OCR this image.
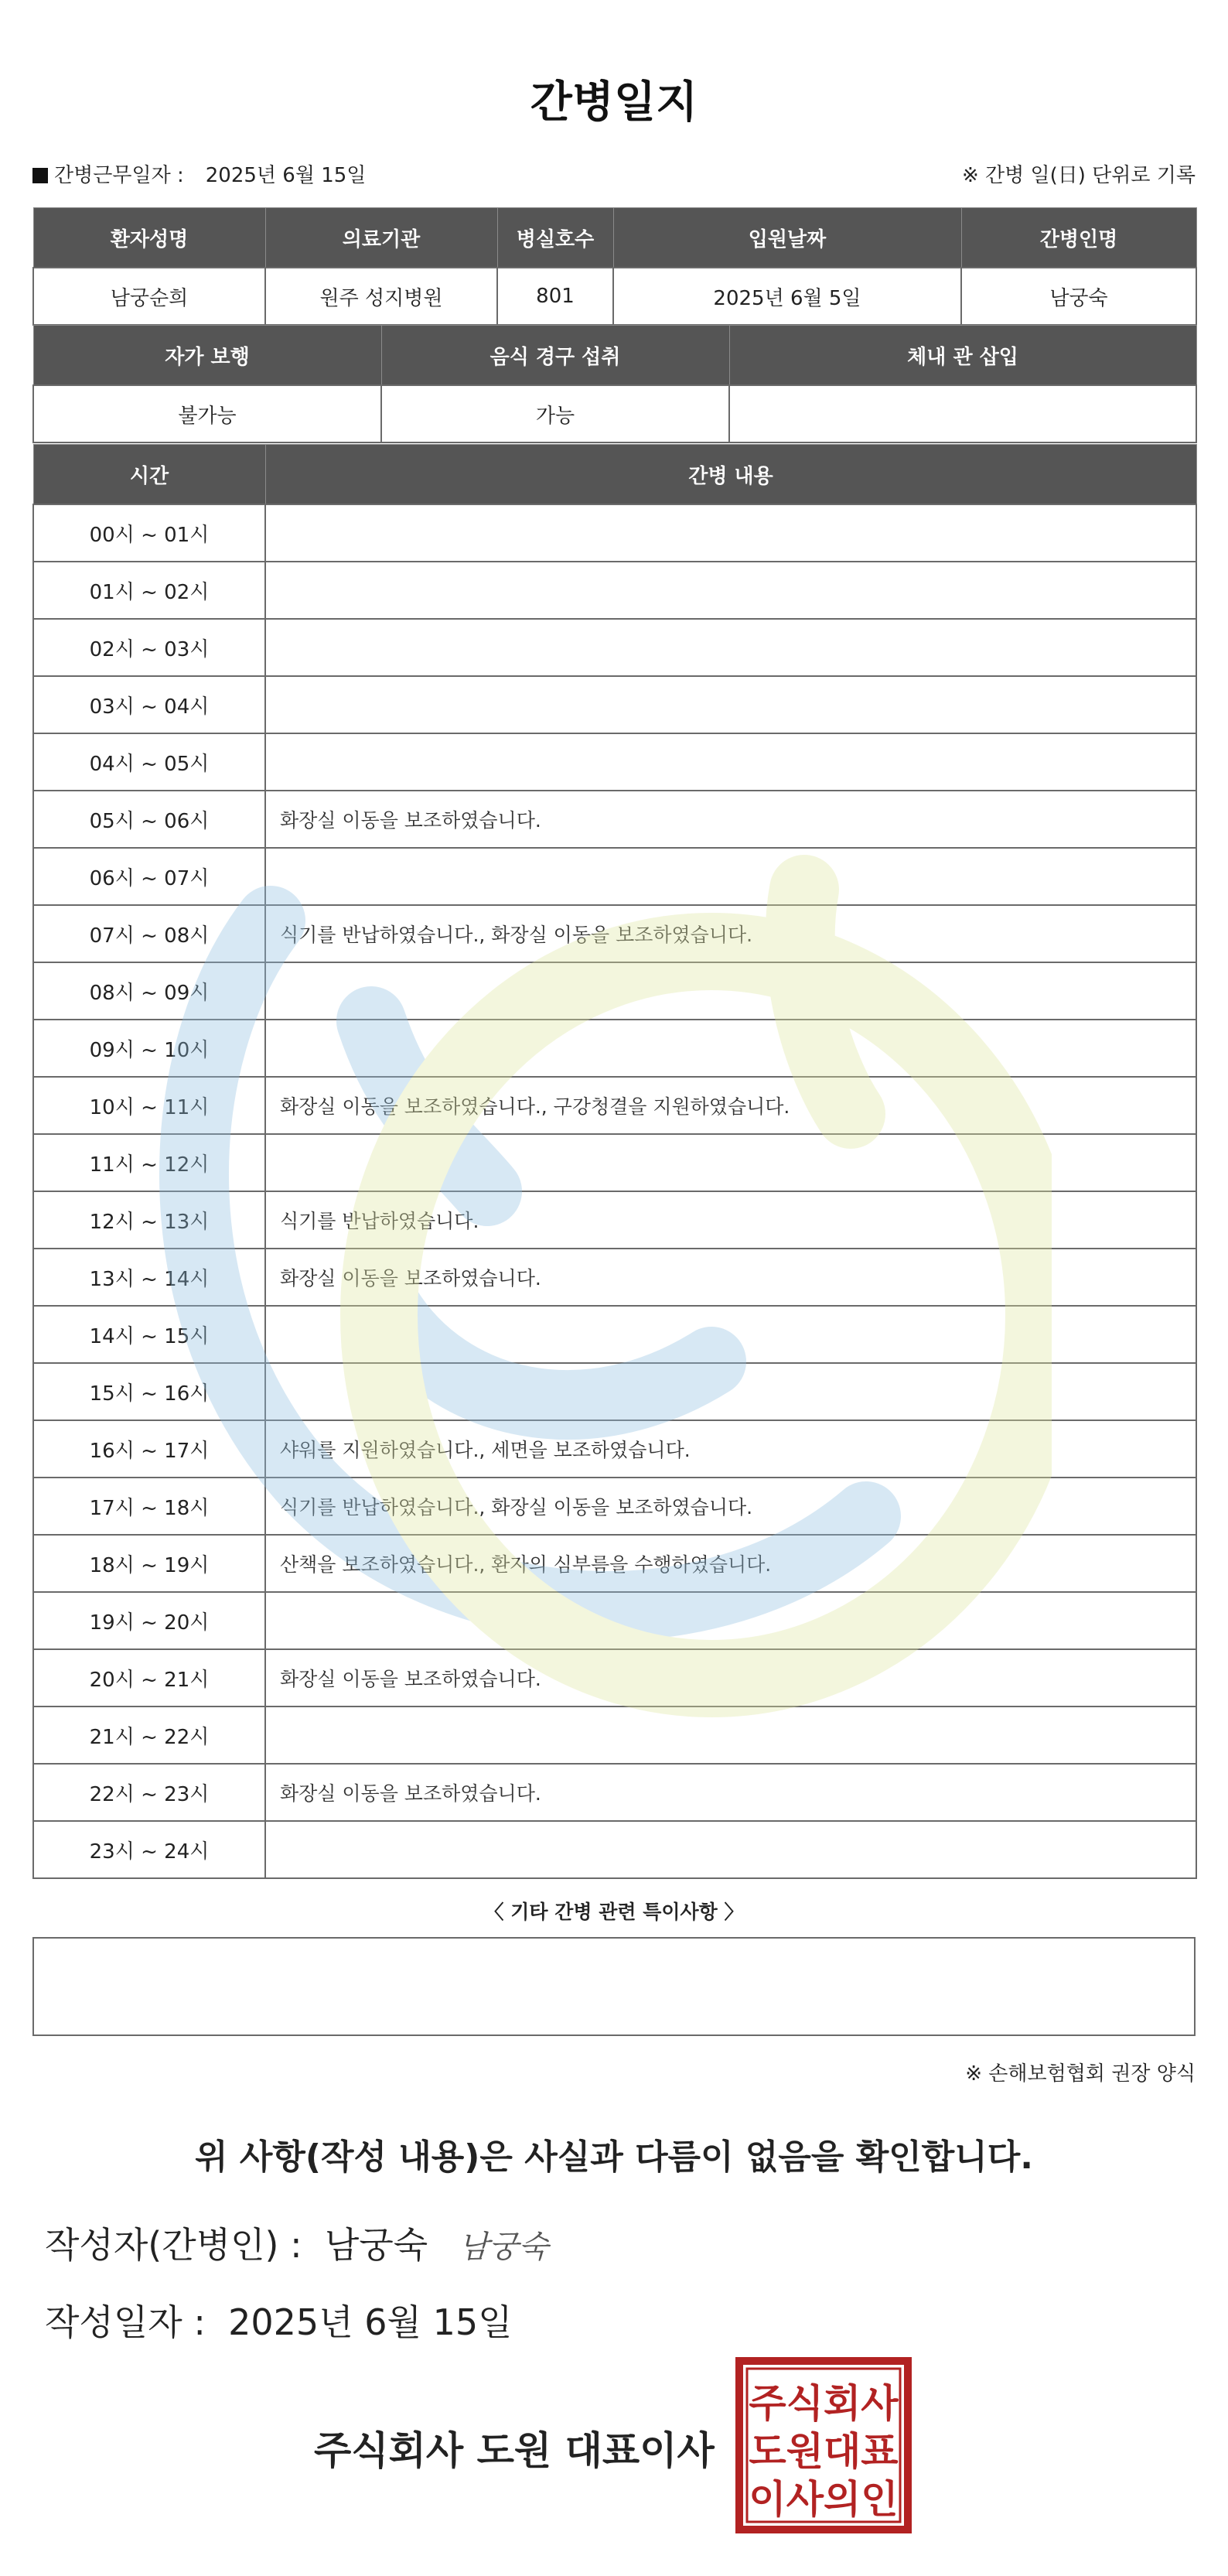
간병일지
간병근무일자 : 2025년 6월 15일	※ 간병 일(日) 단위로 기록
환자성명	의료기관	병실호수	입원날짜	간병인명
남궁순희	원주 성지병원	801	2025년 6월 5일	남궁숙
자가 보행	음식 경구 섭취	체내 관 삽입
불가능	가능	
시간	간병 내용
00시 ~ 01시	
01시 ~ 02시	
02시 ~ 03시	
03시 ~ 04시	
04시 ~ 05시	
05시 ~ 06시	화장실 이동을 보조하였습니다.
06시 ~ 07시	
07시 ~ 08시	식기를 반납하였습니다., 화장실 이동을 보조하였습니다.
08시 ~ 09시	
09시 ~ 10시	
10시 ~ 11시	화장실 이동을 보조하였습니다., 구강청결을 지원하였습니다.
11시 ~ 12시	
12시 ~ 13시	식기를 반납하였습니다.
13시 ~ 14시	화장실 이동을 보조하였습니다.
14시 ~ 15시	
15시 ~ 16시	
16시 ~ 17시	샤워를 지원하였습니다., 세면을 보조하였습니다.
17시 ~ 18시	식기를 반납하였습니다., 화장실 이동을 보조하였습니다.
18시 ~ 19시	산책을 보조하였습니다., 환자의 심부름을 수행하였습니다.
19시 ~ 20시	
20시 ~ 21시	화장실 이동을 보조하였습니다.
21시 ~ 22시	
22시 ~ 23시	화장실 이동을 보조하였습니다.
23시 ~ 24시	
〈 기타 간병 관련 특이사항 〉
※ 손해보험협회 권장 양식
위 사항(작성 내용)은 사실과 다름이 없음을 확인합니다.
작성자(간병인) : 남궁숙 남궁숙
작성일자 : 2025년 6월 15일
주식회사 도원 대표이사
주식회사
도원대표
이사의인
